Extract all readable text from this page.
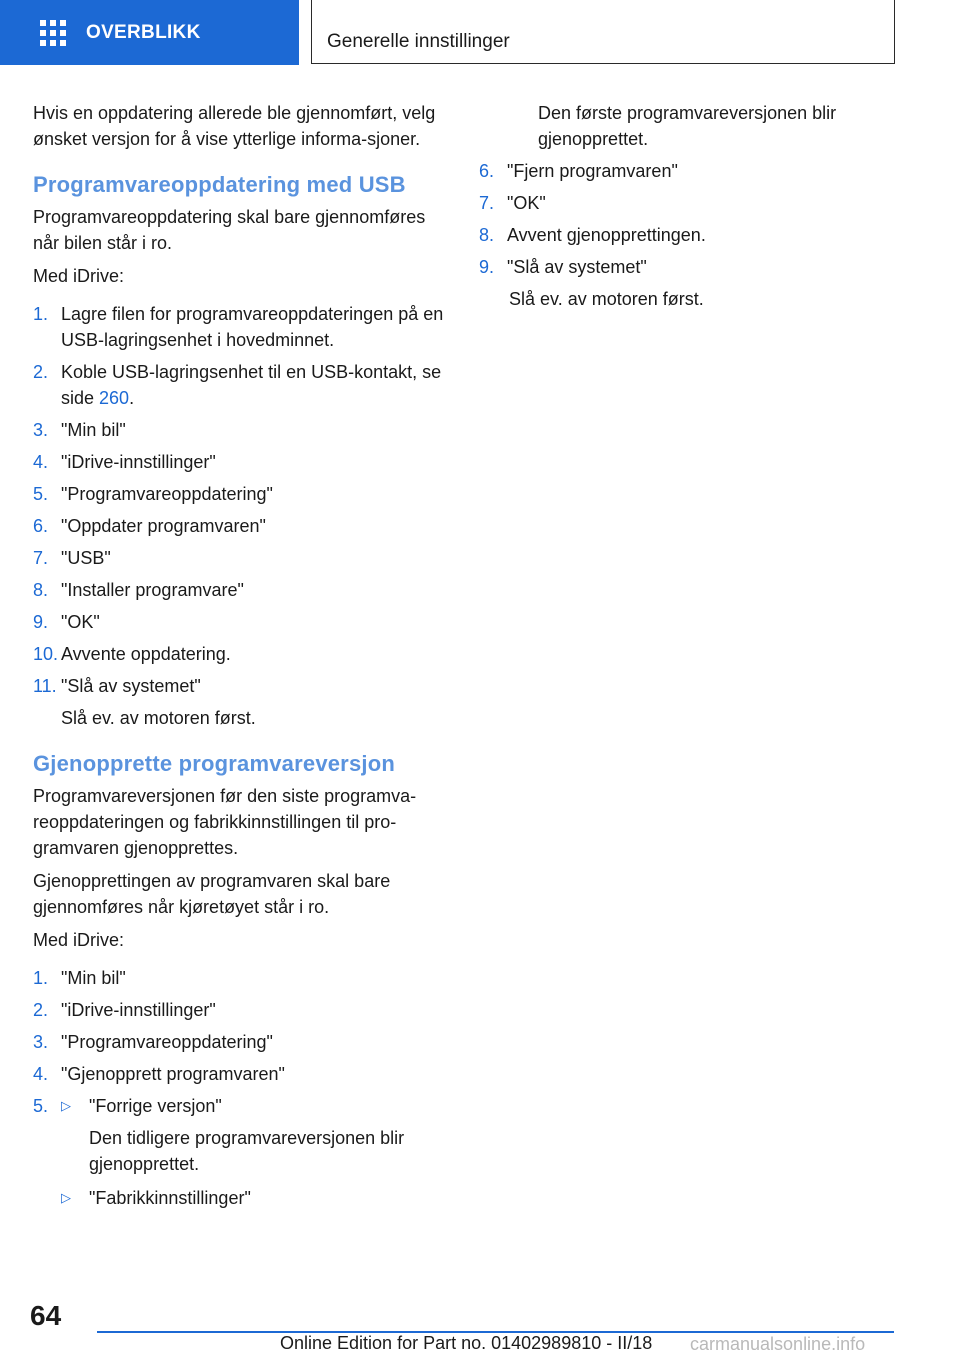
OVERBLIKK	Generelle innstillinger

Hvis en oppdatering allerede ble gjennomført, velg ønsket versjon for å vise ytterlige informa-sjoner.

Programvareoppdatering med USB

Programvareoppdatering skal bare gjennomføres når bilen står i ro.

Med iDrive:

1. Lagre filen for programvareoppdateringen på en USB-lagringsenhet i hovedminnet.
2. Koble USB-lagringsenhet til en USB-kontakt, se side 260.
3. "Min bil"
4. "iDrive-innstillinger"
5. "Programvareoppdatering"
6. "Oppdater programvaren"
7. "USB"
8. "Installer programvare"
9. "OK"
10. Avvente oppdatering.
11. "Slå av systemet"
Slå ev. av motoren først.
Gjenopprette programvareversjon

Programvareversjonen før den siste programva-reoppdateringen og fabrikkinnstillingen til pro-gramvaren gjenopprettes.

Gjenopprettingen av programvaren skal bare gjennomføres når kjøretøyet står i ro.

Med iDrive:

1. "Min bil"
2. "iDrive-innstillinger"
3. "Programvareoppdatering"
4. "Gjenopprett programvaren"
5. ▷ "Forrige versjon"
Den tidligere programvareversjonen blir gjenopprettet.
▷ "Fabrikkinnstillinger"
Den første programvareversjonen blir gjenopprettet.
6. "Fjern programvaren"
7. "OK"
8. Avvent gjenopprettingen.
9. "Slå av systemet"
Slå ev. av motoren først.
64
Online Edition for Part no. 01402989810 - II/18 carmanualsonline.info
